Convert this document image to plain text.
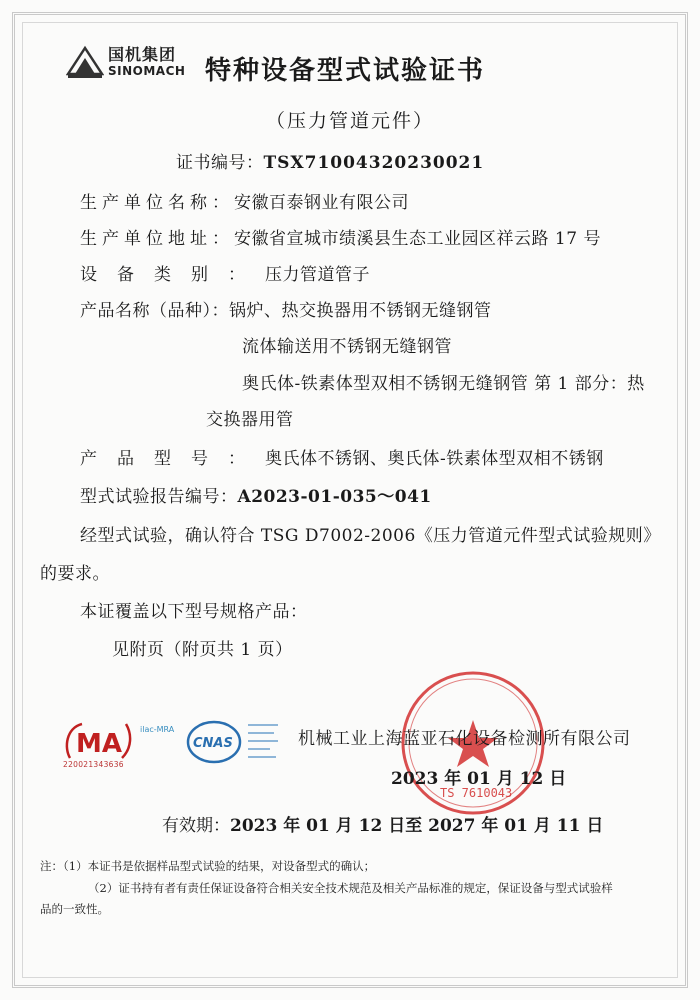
国机集团
SINOMACH 特种设备型式试验证书
（压力管道元件）
证书编号：TSX71004320230021
生产单位名称：安徽百泰钢业有限公司
生产单位地址：安徽省宣城市绩溪县生态工业园区祥云路 17 号
设备类别：压力管道管子
产品名称（品种）：锅炉、热交换器用不锈钢无缝钢管
流体输送用不锈钢无缝钢管
奥氏体-铁素体型双相不锈钢无缝钢管 第 1 部分：热
交换器用管
产品型号：奥氏体不锈钢、奥氏体-铁素体型双相不锈钢
型式试验报告编号：A2023-01-035～041
经型式试验，确认符合 TSG D7002-2006《压力管道元件型式试验规则》
的要求。
本证覆盖以下型号规格产品：
见附页（附页共 1 页）
MA
220021343636
ilac-MRA
CNAS
TS 7610043
机械工业上海蓝亚石化设备检测所有限公司
2023 年 01 月 12 日
有效期：2023 年 01 月 12 日至 2027 年 01 月 11 日
注：（1）本证书是依据样品型式试验的结果，对设备型式的确认；
（2）证书持有者有责任保证设备符合相关安全技术规范及相关产品标准的规定，保证设备与型式试验样
品的一致性。
